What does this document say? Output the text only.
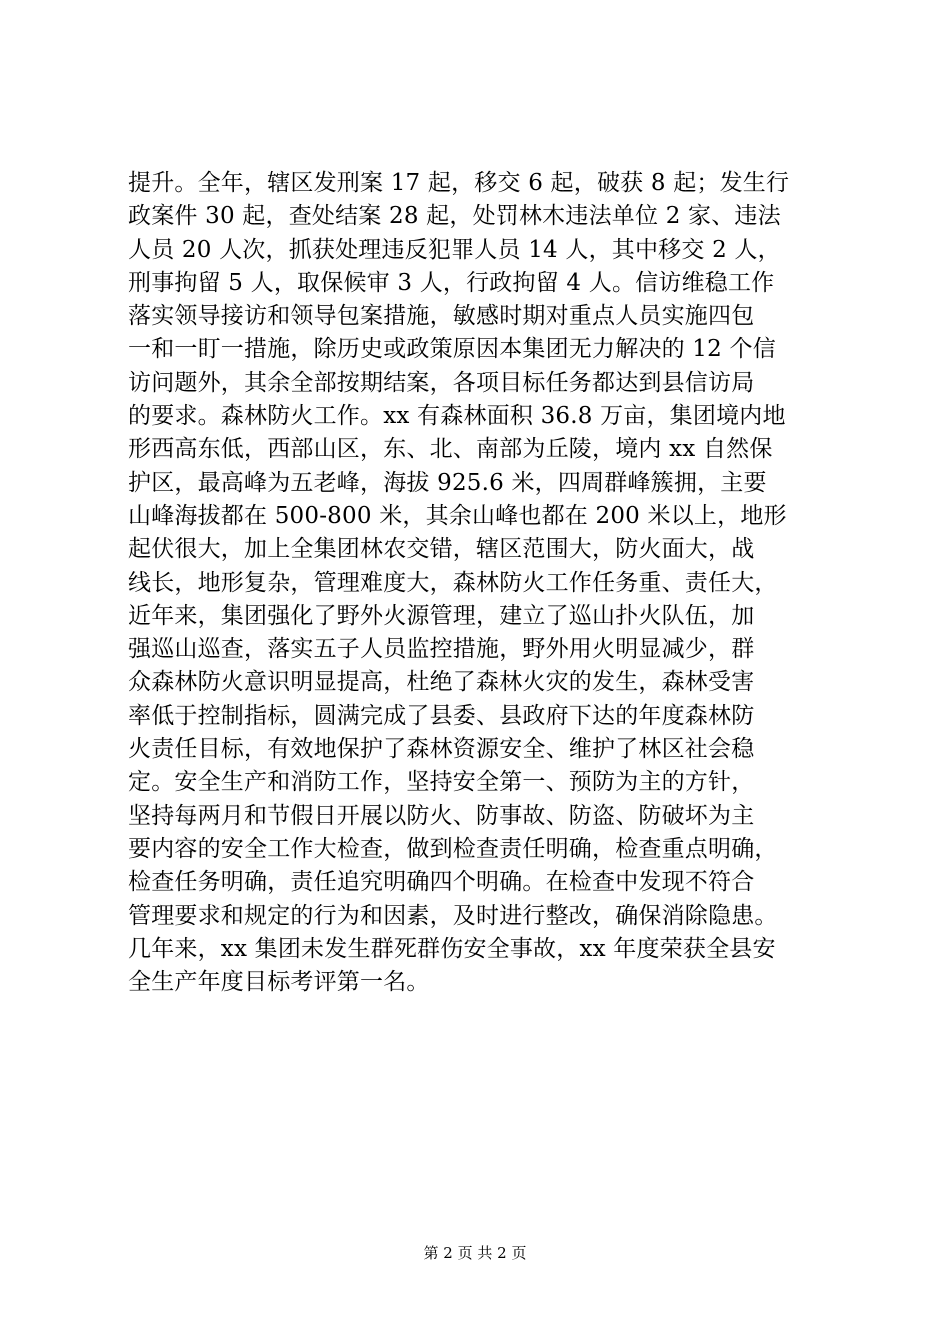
提升。全年，辖区发刑案 17 起，移交 6 起，破获 8 起；发生行
政案件 30 起，查处结案 28 起，处罚林木违法单位 2 家、违法
人员 20 人次，抓获处理违反犯罪人员 14 人，其中移交 2 人，
刑事拘留 5 人，取保候审 3 人，行政拘留 4 人。信访维稳工作
落实领导接访和领导包案措施，敏感时期对重点人员实施四包
一和一盯一措施，除历史或政策原因本集团无力解决的 12 个信
访问题外，其余全部按期结案，各项目标任务都达到县信访局
的要求。森林防火工作。xx 有森林面积 36.8 万亩，集团境内地
形西高东低，西部山区，东、北、南部为丘陵，境内 xx 自然保
护区，最高峰为五老峰，海拔 925.6 米，四周群峰簇拥，主要
山峰海拔都在 500-800 米，其余山峰也都在 200 米以上，地形
起伏很大，加上全集团林农交错，辖区范围大，防火面大，战
线长，地形复杂，管理难度大，森林防火工作任务重、责任大，
近年来，集团强化了野外火源管理，建立了巡山扑火队伍，加
强巡山巡查，落实五子人员监控措施，野外用火明显减少，群
众森林防火意识明显提高，杜绝了森林火灾的发生，森林受害
率低于控制指标，圆满完成了县委、县政府下达的年度森林防
火责任目标，有效地保护了森林资源安全、维护了林区社会稳
定。安全生产和消防工作，坚持安全第一、预防为主的方针，
坚持每两月和节假日开展以防火、防事故、防盗、防破坏为主
要内容的安全工作大检查，做到检查责任明确，检查重点明确，
检查任务明确，责任追究明确四个明确。在检查中发现不符合
管理要求和规定的行为和因素，及时进行整改，确保消除隐患。
几年来，xx 集团未发生群死群伤安全事故，xx 年度荣获全县安
全生产年度目标考评第一名。
第 2 页 共 2 页
